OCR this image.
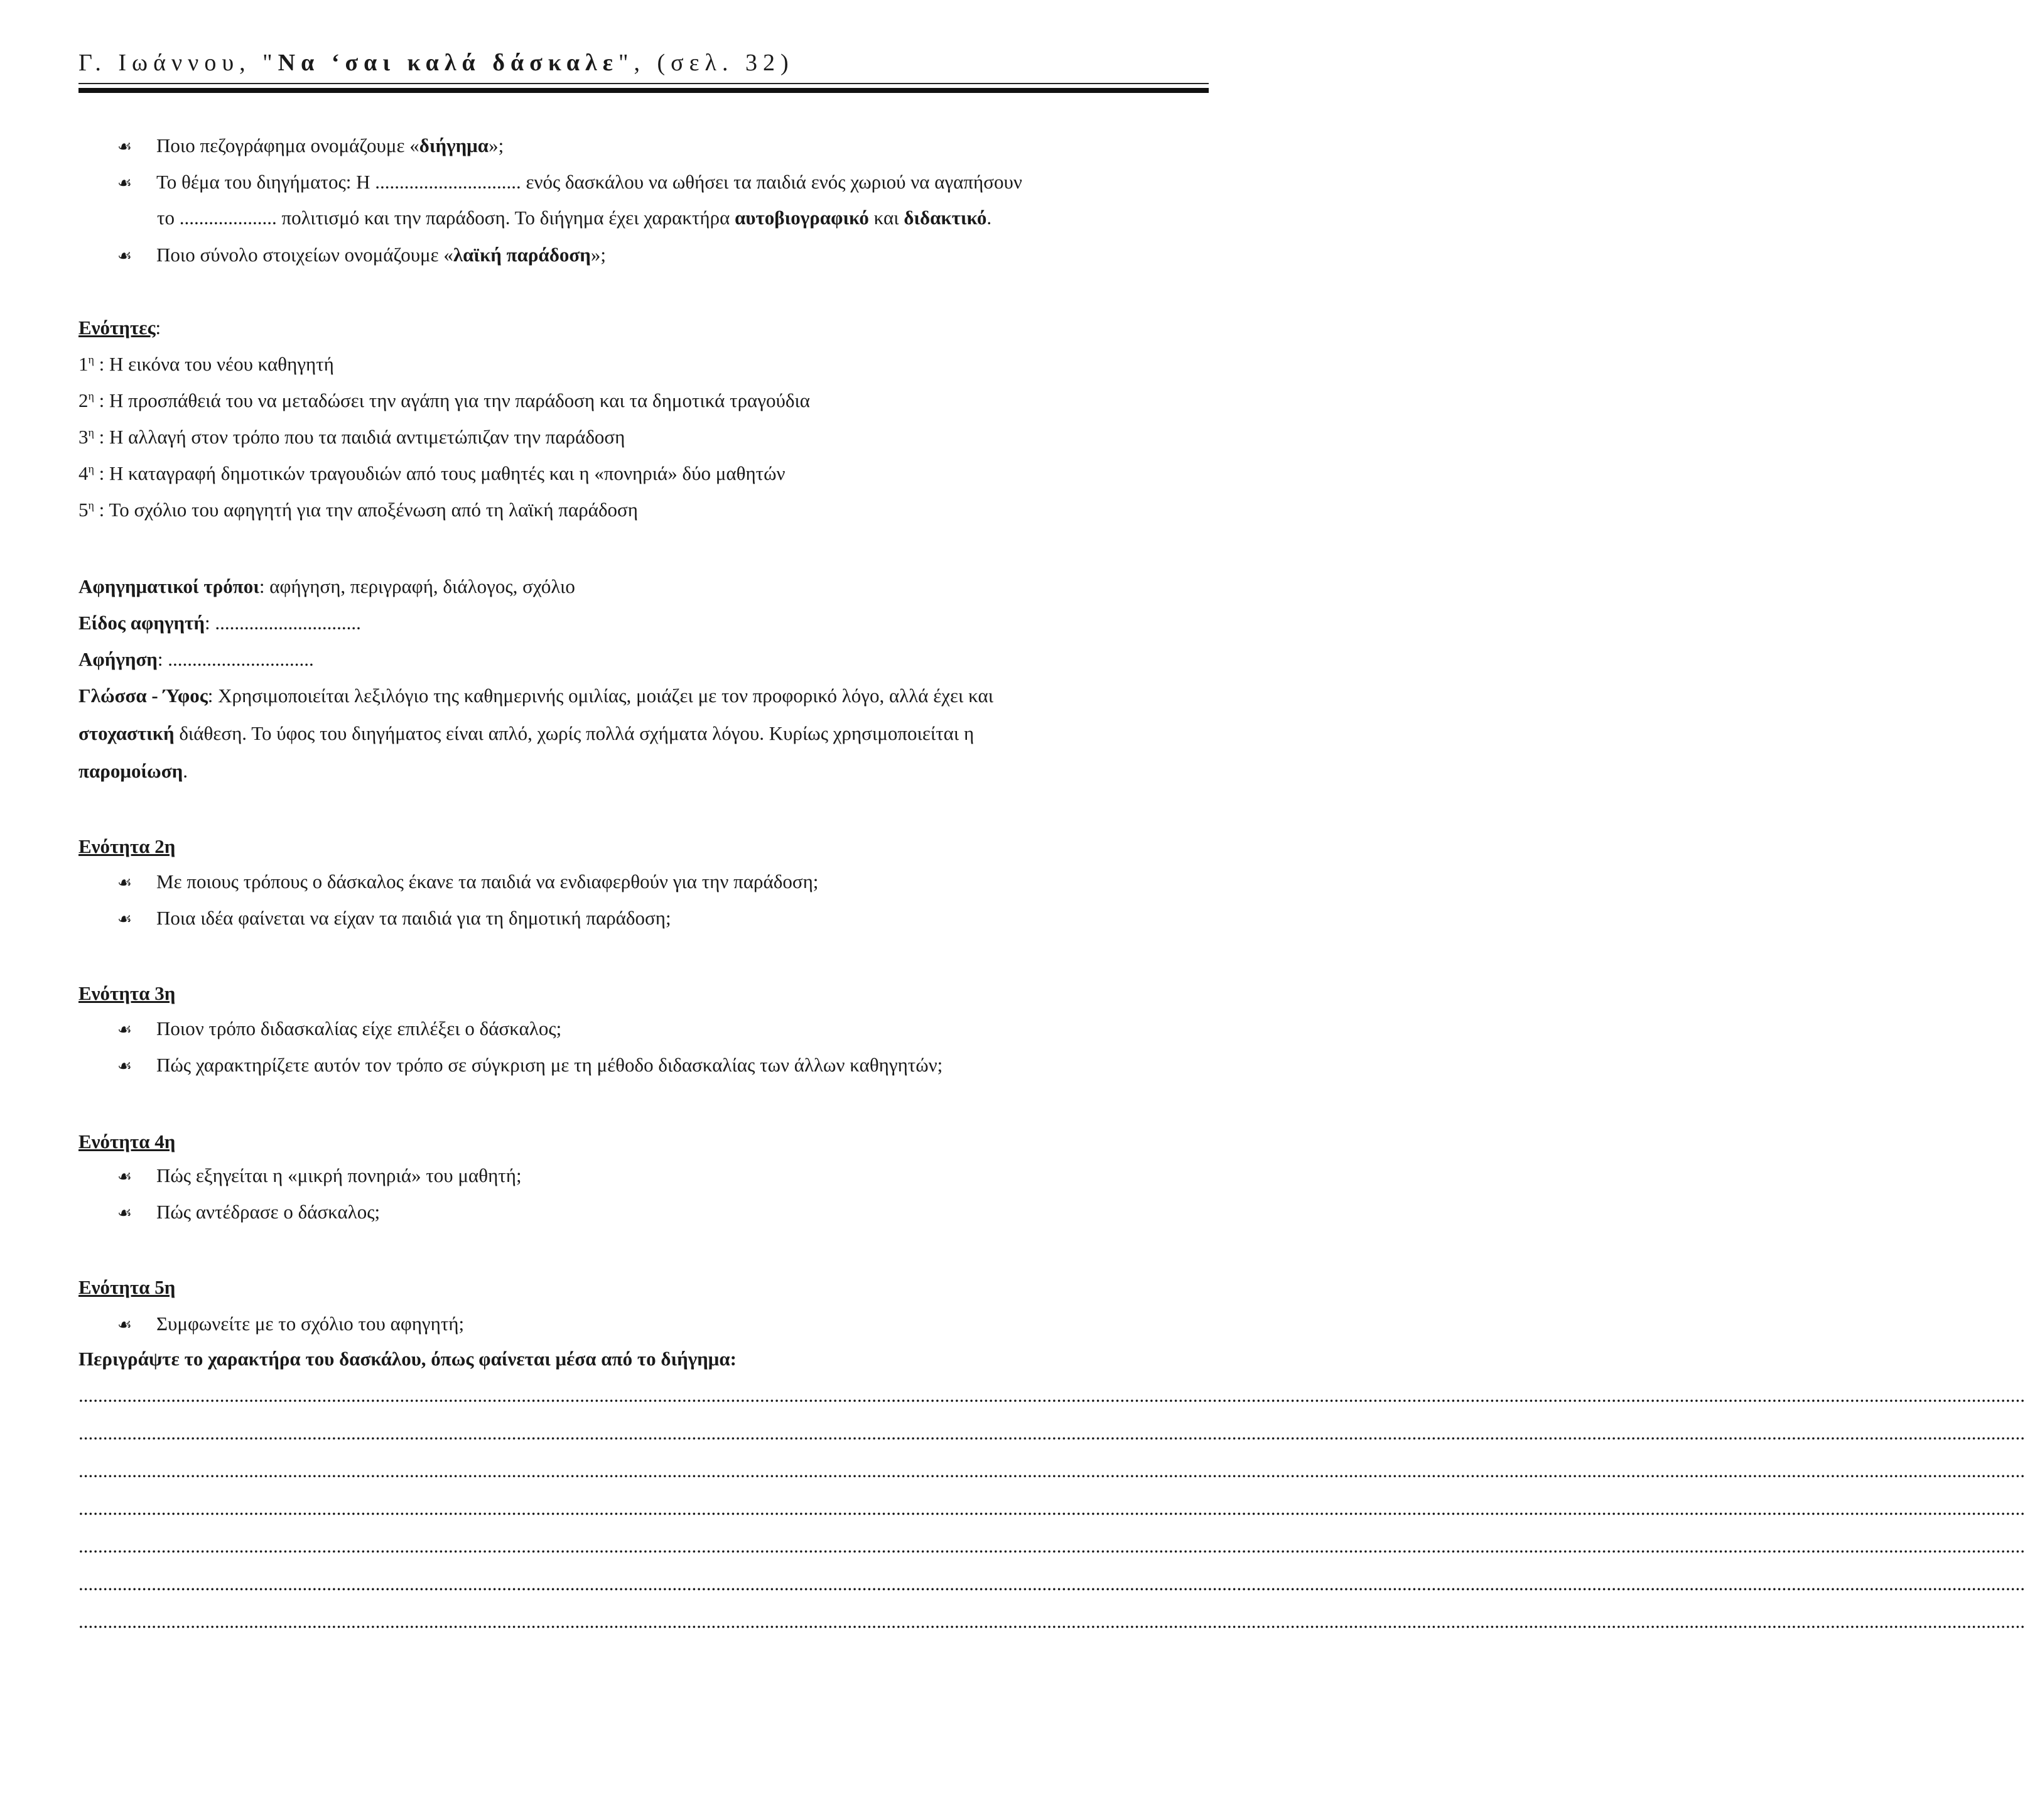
Γ. Ιωάννου, "Να ‘σαι καλά δάσκαλε", (σελ. 32)
☙ Ποιο πεζογράφημα ονομάζουμε «διήγημα»;
☙ Το θέμα του διηγήματος: Η .............................. ενός δασκάλου να ωθήσει τα παιδιά ενός χωριού να αγαπήσουν
το .................... πολιτισμό και την παράδοση. Το διήγημα έχει χαρακτήρα αυτοβιογραφικό και διδακτικό.
☙ Ποιο σύνολο στοιχείων ονομάζουμε «λαϊκή παράδοση»;
Ενότητες:
$1^\eta$ : Η εικόνα του νέου καθηγητή
$2^\eta$ : Η προσπάθειά του να μεταδώσει την αγάπη για την παράδοση και τα δημοτικά τραγούδια
$3^\eta$ : Η αλλαγή στον τρόπο που τα παιδιά αντιμετώπιζαν την παράδοση
$4^\eta$ : Η καταγραφή δημοτικών τραγουδιών από τους μαθητές και η «πονηριά» δύο μαθητών
$5^\eta$ : Το σχόλιο του αφηγητή για την αποξένωση από τη λαϊκή παράδοση
Αφηγηματικοί τρόποι: αφήγηση, περιγραφή, διάλογος, σχόλιο
Είδος αφηγητή: ..............................
Αφήγηση: ..............................
Γλώσσα - Ύφος: Χρησιμοποιείται λεξιλόγιο της καθημερινής ομιλίας, μοιάζει με τον προφορικό λόγο, αλλά έχει και
στοχαστική διάθεση. Το ύφος του διηγήματος είναι απλό, χωρίς πολλά σχήματα λόγου. Κυρίως χρησιμοποιείται η
παρομοίωση.
Ενότητα 2η
☙ Με ποιους τρόπους ο δάσκαλος έκανε τα παιδιά να ενδιαφερθούν για την παράδοση;
☙ Ποια ιδέα φαίνεται να είχαν τα παιδιά για τη δημοτική παράδοση;
Ενότητα 3η
☙ Ποιον τρόπο διδασκαλίας είχε επιλέξει ο δάσκαλος;
☙ Πώς χαρακτηρίζετε αυτόν τον τρόπο σε σύγκριση με τη μέθοδο διδασκαλίας των άλλων καθηγητών;
Ενότητα 4η
☙ Πώς εξηγείται η «μικρή πονηριά» του μαθητή;
☙ Πώς αντέδρασε ο δάσκαλος;
Ενότητα 5η
☙ Συμφωνείτε με το σχόλιο του αφηγητή;
Περιγράψτε το χαρακτήρα του δασκάλου, όπως φαίνεται μέσα από το διήγημα:
................................................................................................................................................................................................................................................................................................................................................................................................................
................................................................................................................................................................................................................................................................................................................................................................................................................
................................................................................................................................................................................................................................................................................................................................................................................................................
................................................................................................................................................................................................................................................................................................................................................................................................................
................................................................................................................................................................................................................................................................................................................................................................................................................
................................................................................................................................................................................................................................................................................................................................................................................................................
................................................................................................................................................................................................................................................................................................................................................................................................................
